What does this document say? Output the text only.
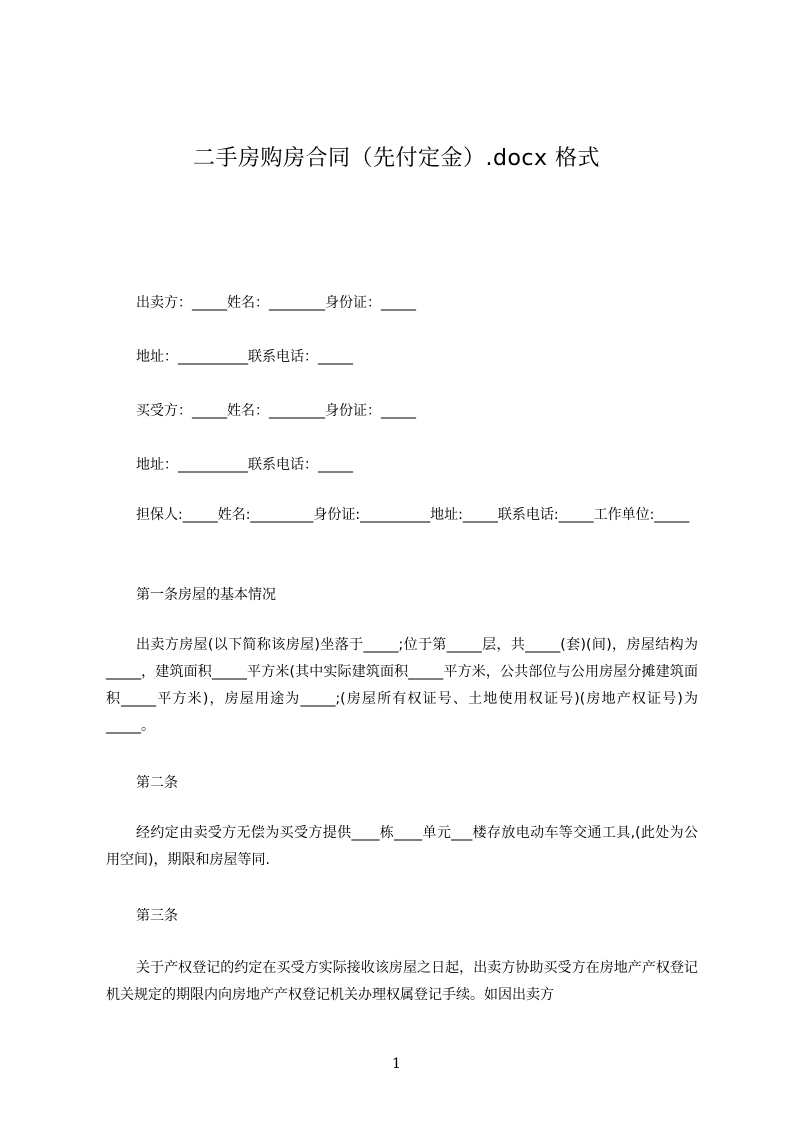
二手房购房合同（先付定金）.docx 格式
出卖方：_____姓名：________身份证：_____
地址：__________联系电话：_____
买受方：_____姓名：________身份证：_____
地址：__________联系电话：_____
担保人:_____姓名:_________身份证:__________地址:_____联系电话:_____工作单位:_____
第一条房屋的基本情况
出卖方房屋(以下简称该房屋)坐落于_____;位于第_____层，共_____(套)(间)，房屋结构为_____，建筑面积_____平方米(其中实际建筑面积_____平方米，公共部位与公用房屋分摊建筑面积_____平方米)，房屋用途为_____;(房屋所有权证号、土地使用权证号)(房地产权证号)为_____。
第二条
经约定由卖受方无偿为买受方提供____栋____单元___楼存放电动车等交通工具,(此处为公用空间)，期限和房屋等同.
第三条
关于产权登记的约定在买受方实际接收该房屋之日起，出卖方协助买受方在房地产产权登记机关规定的期限内向房地产产权登记机关办理权属登记手续。如因出卖方
1
